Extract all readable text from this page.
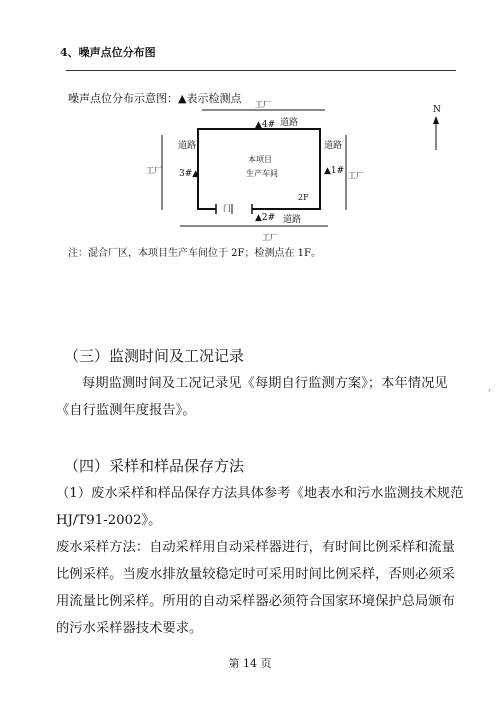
4、噪声点位分布图
噪声点位分布示意图：▲表示检测点 工厂
工厂
工厂
工厂
道路
道路	道路
道路
本项目
生产车间
2F
门
▲4#
▲1#
3#▲
▲2#
N
注：混合厂区，本项目生产车间位于 2F；检测点在 1F。
（三）监测时间及工况记录

每期监测时间及工况记录见《每期自行监测方案》；本年情况见《自行监测年度报告》。

（四）采样和样品保存方法

（1）废水采样和样品保存方法具体参考《地表水和污水监测技术规范HJ/T91-2002》。

废水采样方法：自动采样用自动采样器进行，有时间比例采样和流量比例采样。当废水排放量较稳定时可采用时间比例采样，否则必须采用流量比例采样。所用的自动采样器必须符合国家环境保护总局颁布的污水采样器技术要求。

第 14 页
,
